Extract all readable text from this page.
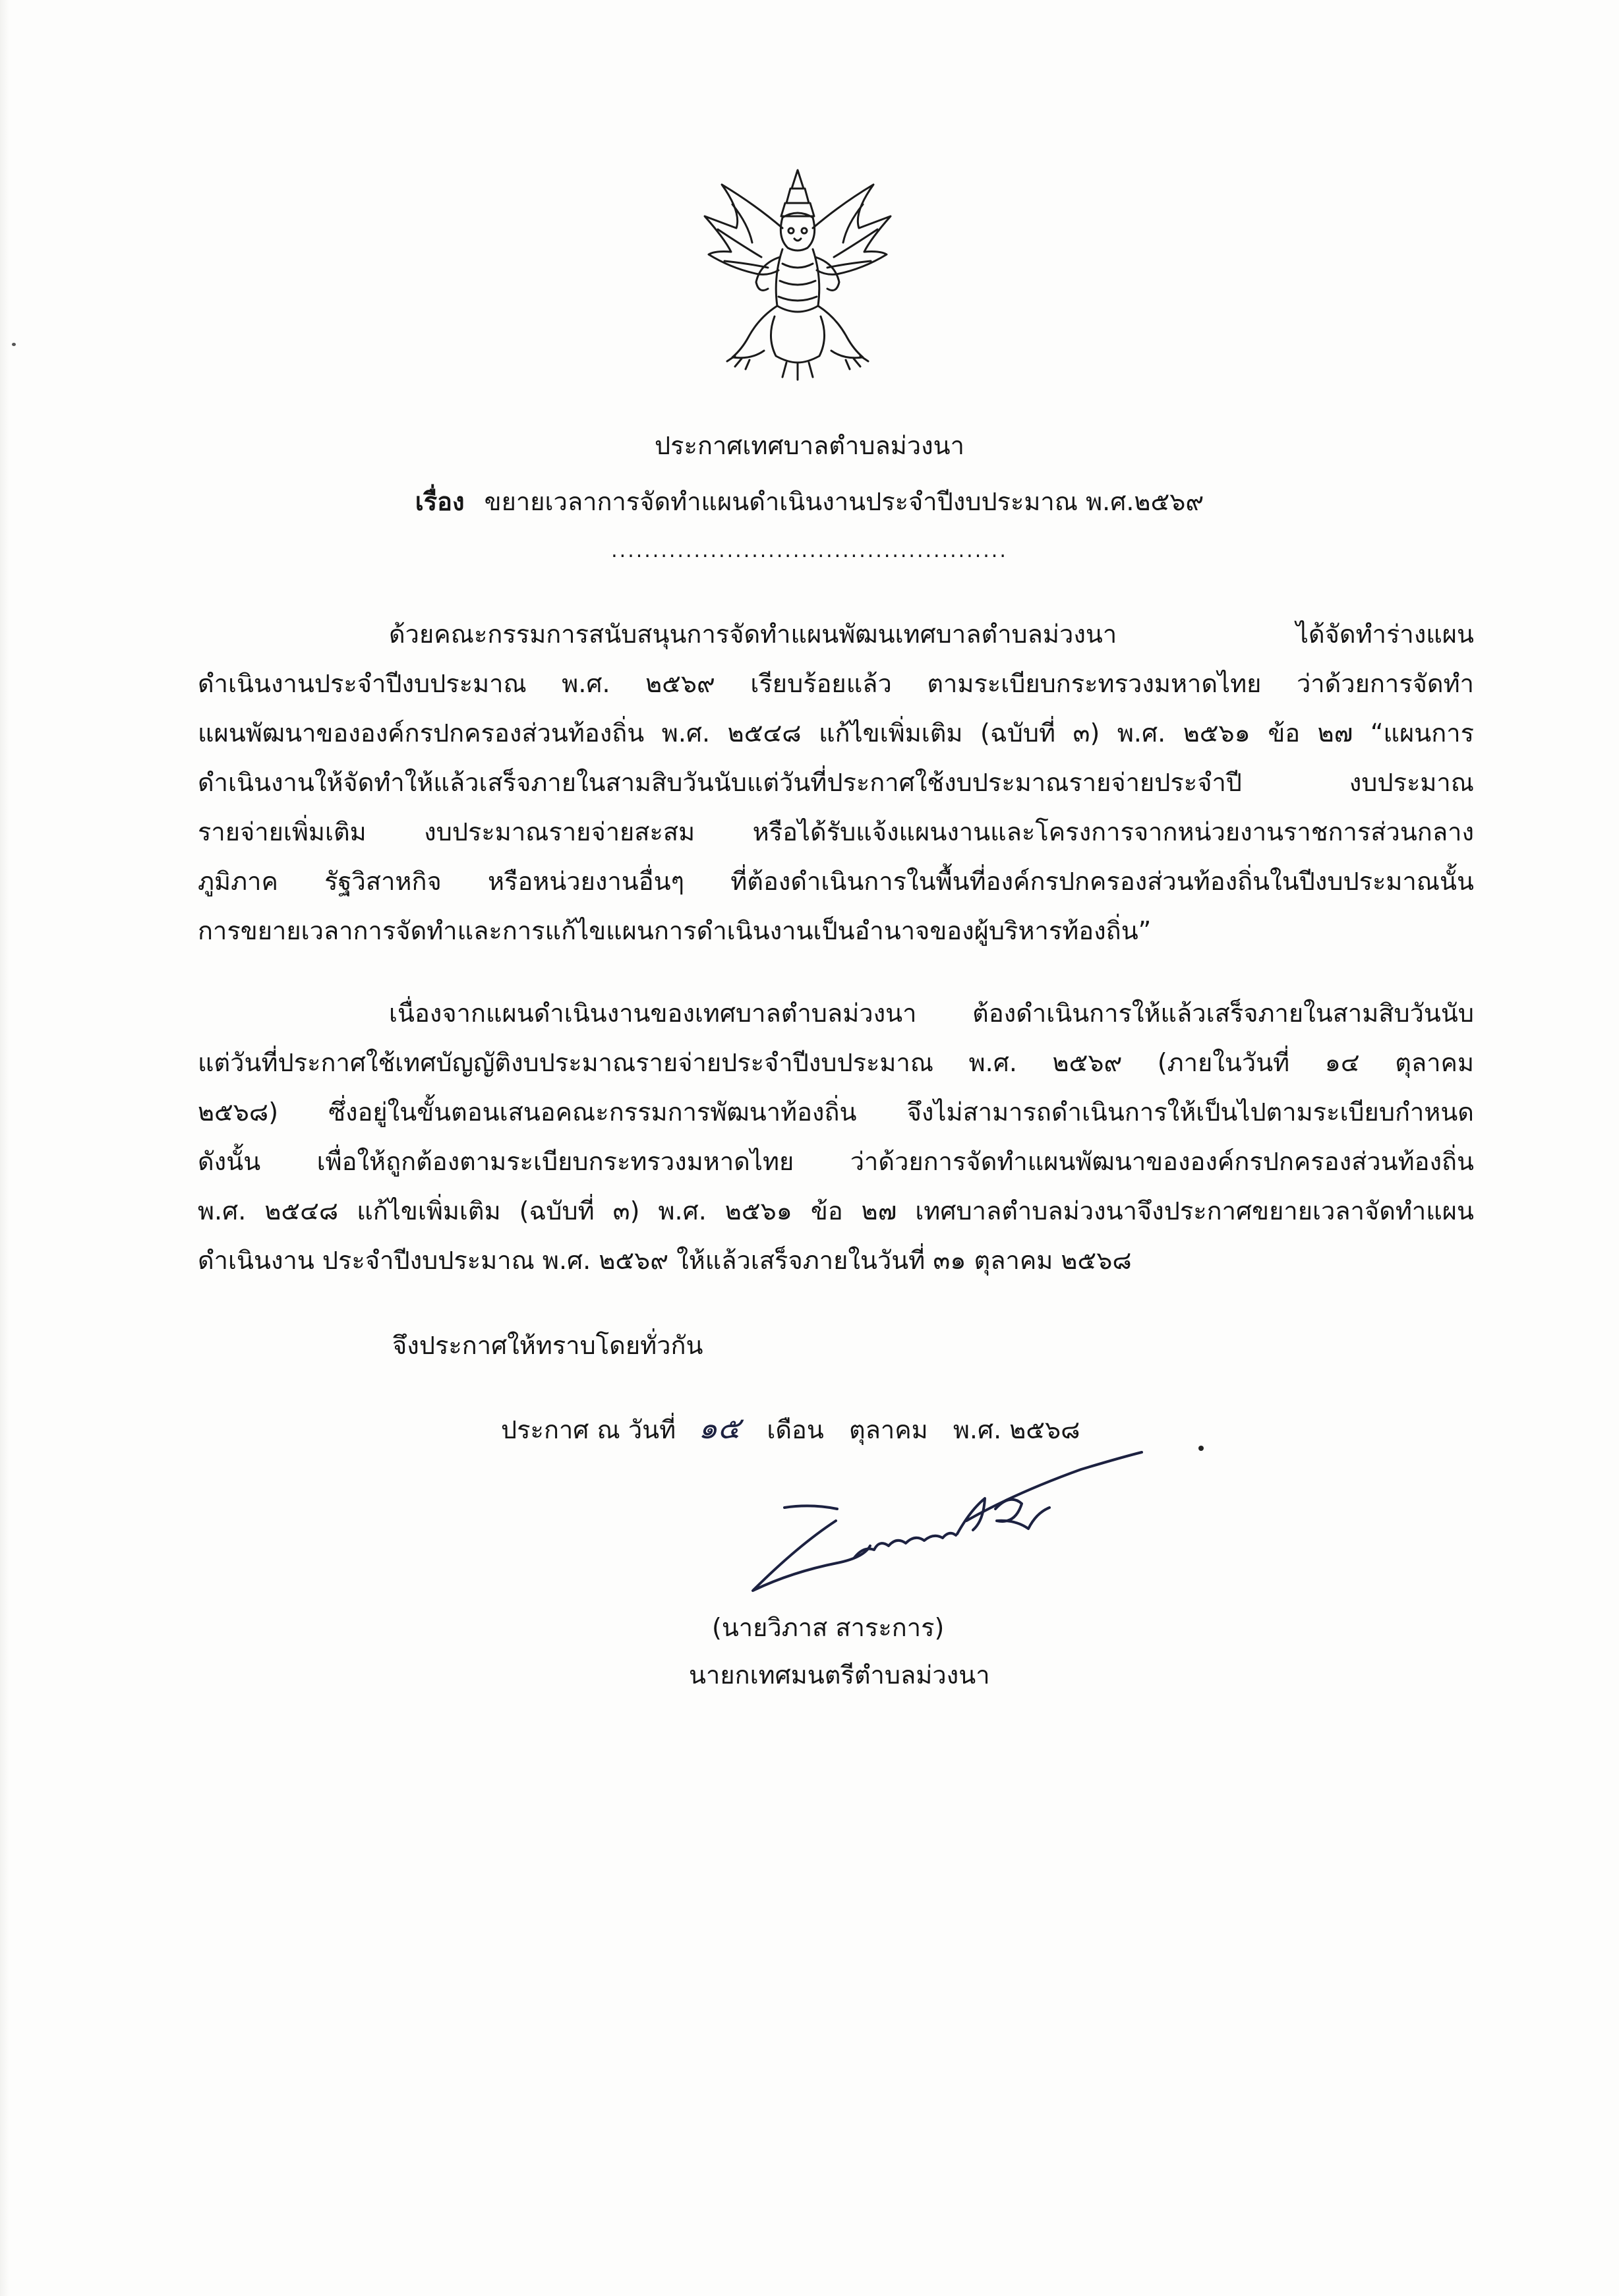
ประกาศเทศบาลตำบลม่วงนา
เรื่อง ขยายเวลาการจัดทำแผนดำเนินงานประจำปีงบประมาณ พ.ศ.๒๕๖๙
................................................
ด้วยคณะกรรมการสนับสนุนการจัดทำแผนพัฒนเทศบาลตำบลม่วงนา ได้จัดทำร่างแผน
ดำเนินงานประจำปีงบประมาณ พ.ศ. ๒๕๖๙ เรียบร้อยแล้ว ตามระเบียบกระทรวงมหาดไทย ว่าด้วยการจัดทำ
แผนพัฒนาขององค์กรปกครองส่วนท้องถิ่น พ.ศ. ๒๕๔๘ แก้ไขเพิ่มเติม (ฉบับที่ ๓) พ.ศ. ๒๕๖๑ ข้อ ๒๗ “แผนการ
ดำเนินงานให้จัดทำให้แล้วเสร็จภายในสามสิบวันนับแต่วันที่ประกาศใช้งบประมาณรายจ่ายประจำปี งบประมาณ
รายจ่ายเพิ่มเติม งบประมาณรายจ่ายสะสม หรือได้รับแจ้งแผนงานและโครงการจากหน่วยงานราชการส่วนกลาง
ภูมิภาค รัฐวิสาหกิจ หรือหน่วยงานอื่นๆ ที่ต้องดำเนินการในพื้นที่องค์กรปกครองส่วนท้องถิ่นในปีงบประมาณนั้น
การขยายเวลาการจัดทำและการแก้ไขแผนการดำเนินงานเป็นอำนาจของผู้บริหารท้องถิ่น”
เนื่องจากแผนดำเนินงานของเทศบาลตำบลม่วงนา ต้องดำเนินการให้แล้วเสร็จภายในสามสิบวันนับ
แต่วันที่ประกาศใช้เทศบัญญัติงบประมาณรายจ่ายประจำปีงบประมาณ พ.ศ. ๒๕๖๙ (ภายในวันที่ ๑๔ ตุลาคม
๒๕๖๘) ซึ่งอยู่ในขั้นตอนเสนอคณะกรรมการพัฒนาท้องถิ่น จึงไม่สามารถดำเนินการให้เป็นไปตามระเบียบกำหนด
ดังนั้น เพื่อให้ถูกต้องตามระเบียบกระทรวงมหาดไทย ว่าด้วยการจัดทำแผนพัฒนาขององค์กรปกครองส่วนท้องถิ่น
พ.ศ. ๒๕๔๘ แก้ไขเพิ่มเติม (ฉบับที่ ๓) พ.ศ. ๒๕๖๑ ข้อ ๒๗ เทศบาลตำบลม่วงนาจึงประกาศขยายเวลาจัดทำแผน
ดำเนินงาน ประจำปีงบประมาณ พ.ศ. ๒๕๖๙ ให้แล้วเสร็จภายในวันที่ ๓๑ ตุลาคม ๒๕๖๘
จึงประกาศให้ทราบโดยทั่วกัน
ประกาศ ณ วันที่ ๑๕ เดือน ตุลาคม พ.ศ. ๒๕๖๘
(นายวิภาส สาระการ)
นายกเทศมนตรีตำบลม่วงนา
